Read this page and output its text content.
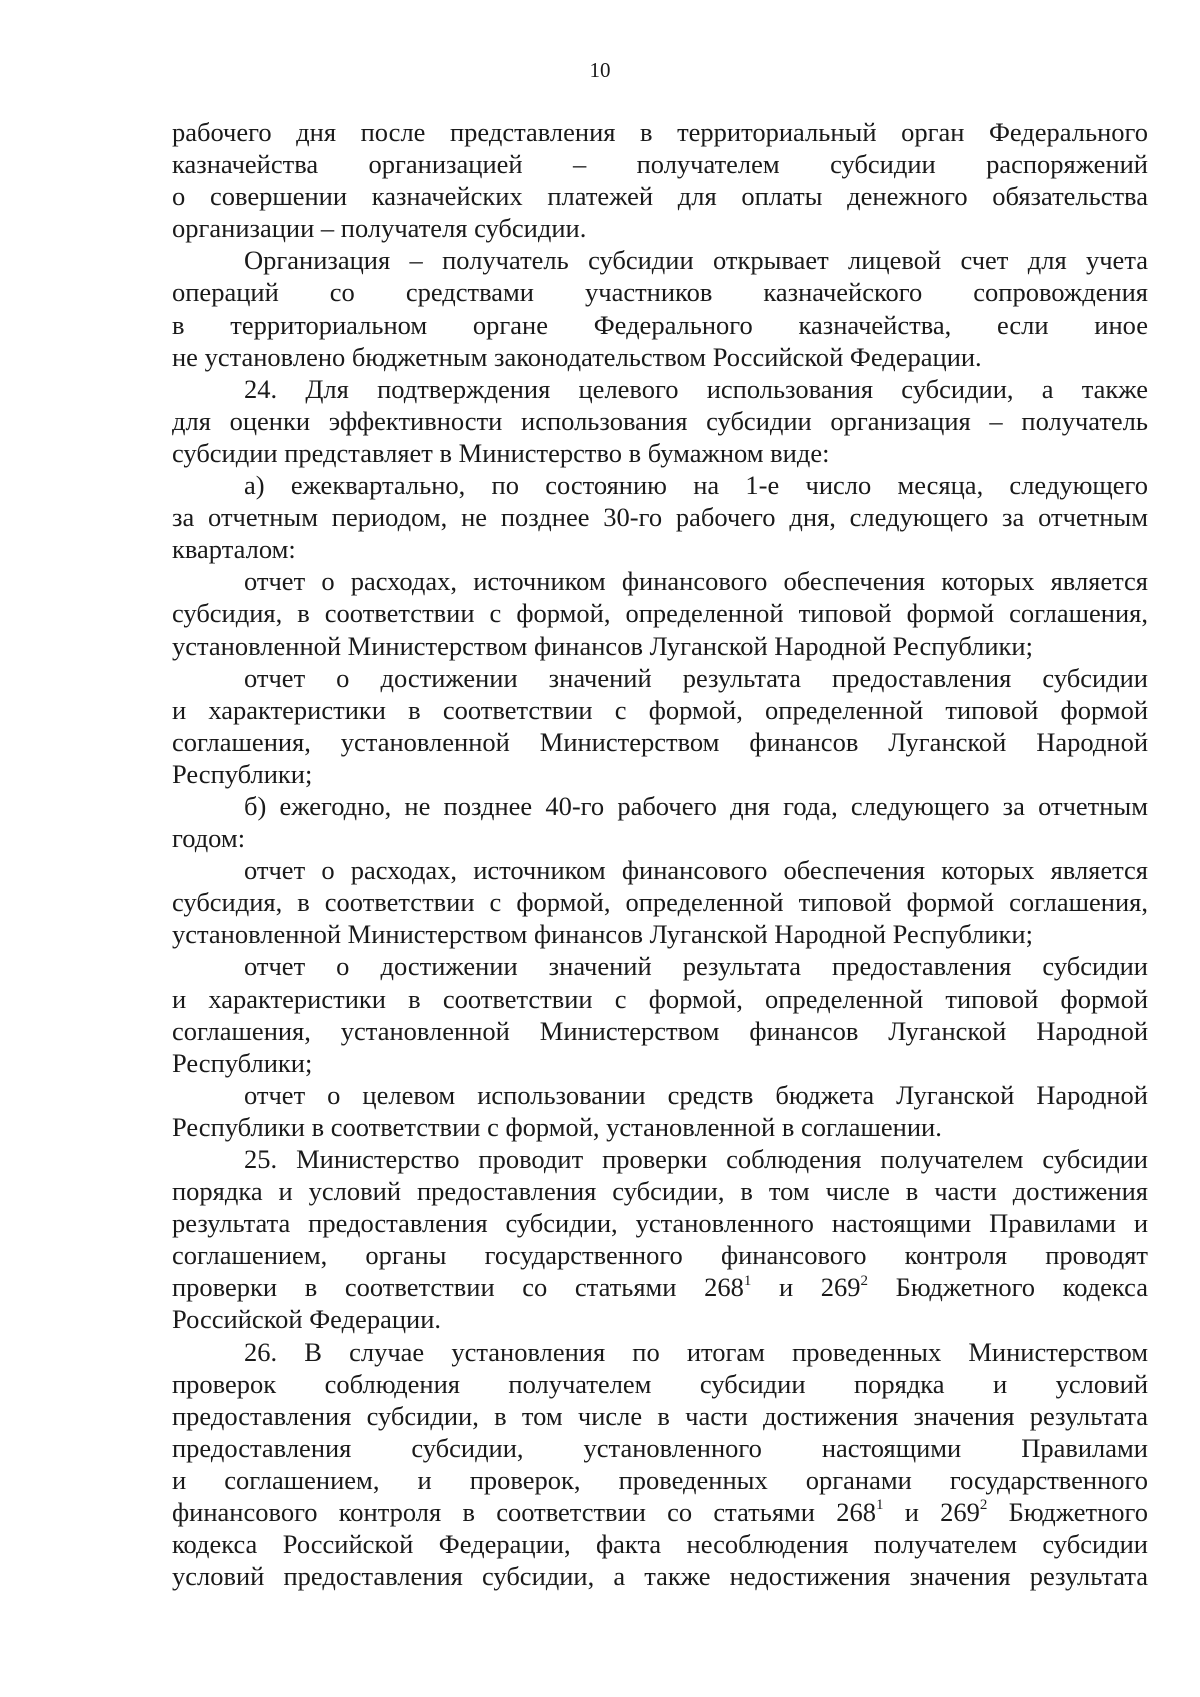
10
рабочего дня после представления в территориальный орган Федерального
казначейства организацией – получателем субсидии распоряжений
о совершении казначейских платежей для оплаты денежного обязательства
организации – получателя субсидии.
Организация – получатель субсидии открывает лицевой счет для учета
операций со средствами участников казначейского сопровождения
в территориальном органе Федерального казначейства, если иное
не установлено бюджетным законодательством Российской Федерации.
24. Для подтверждения целевого использования субсидии, а также
для оценки эффективности использования субсидии организация – получатель
субсидии представляет в Министерство в бумажном виде:
а) ежеквартально, по состоянию на 1-е число месяца, следующего
за отчетным периодом, не позднее 30-го рабочего дня, следующего за отчетным
кварталом:
отчет о расходах, источником финансового обеспечения которых является
субсидия, в соответствии с формой, определенной типовой формой соглашения,
установленной Министерством финансов Луганской Народной Республики;
отчет о достижении значений результата предоставления субсидии
и характеристики в соответствии с формой, определенной типовой формой
соглашения, установленной Министерством финансов Луганской Народной
Республики;
б) ежегодно, не позднее 40-го рабочего дня года, следующего за отчетным
годом:
отчет о расходах, источником финансового обеспечения которых является
субсидия, в соответствии с формой, определенной типовой формой соглашения,
установленной Министерством финансов Луганской Народной Республики;
отчет о достижении значений результата предоставления субсидии
и характеристики в соответствии с формой, определенной типовой формой
соглашения, установленной Министерством финансов Луганской Народной
Республики;
отчет о целевом использовании средств бюджета Луганской Народной
Республики в соответствии с формой, установленной в соглашении.
25. Министерство проводит проверки соблюдения получателем субсидии
порядка и условий предоставления субсидии, в том числе в части достижения
результата предоставления субсидии, установленного настоящими Правилами и
соглашением, органы государственного финансового контроля проводят
проверки в соответствии со статьями $268^1$ и $269^2$ Бюджетного кодекса
Российской Федерации.
26. В случае установления по итогам проведенных Министерством
проверок соблюдения получателем субсидии порядка и условий
предоставления субсидии, в том числе в части достижения значения результата
предоставления субсидии, установленного настоящими Правилами
и соглашением, и проверок, проведенных органами государственного
финансового контроля в соответствии со статьями $268^1$ и $269^2$ Бюджетного
кодекса Российской Федерации, факта несоблюдения получателем субсидии
условий предоставления субсидии, а также недостижения значения результата
